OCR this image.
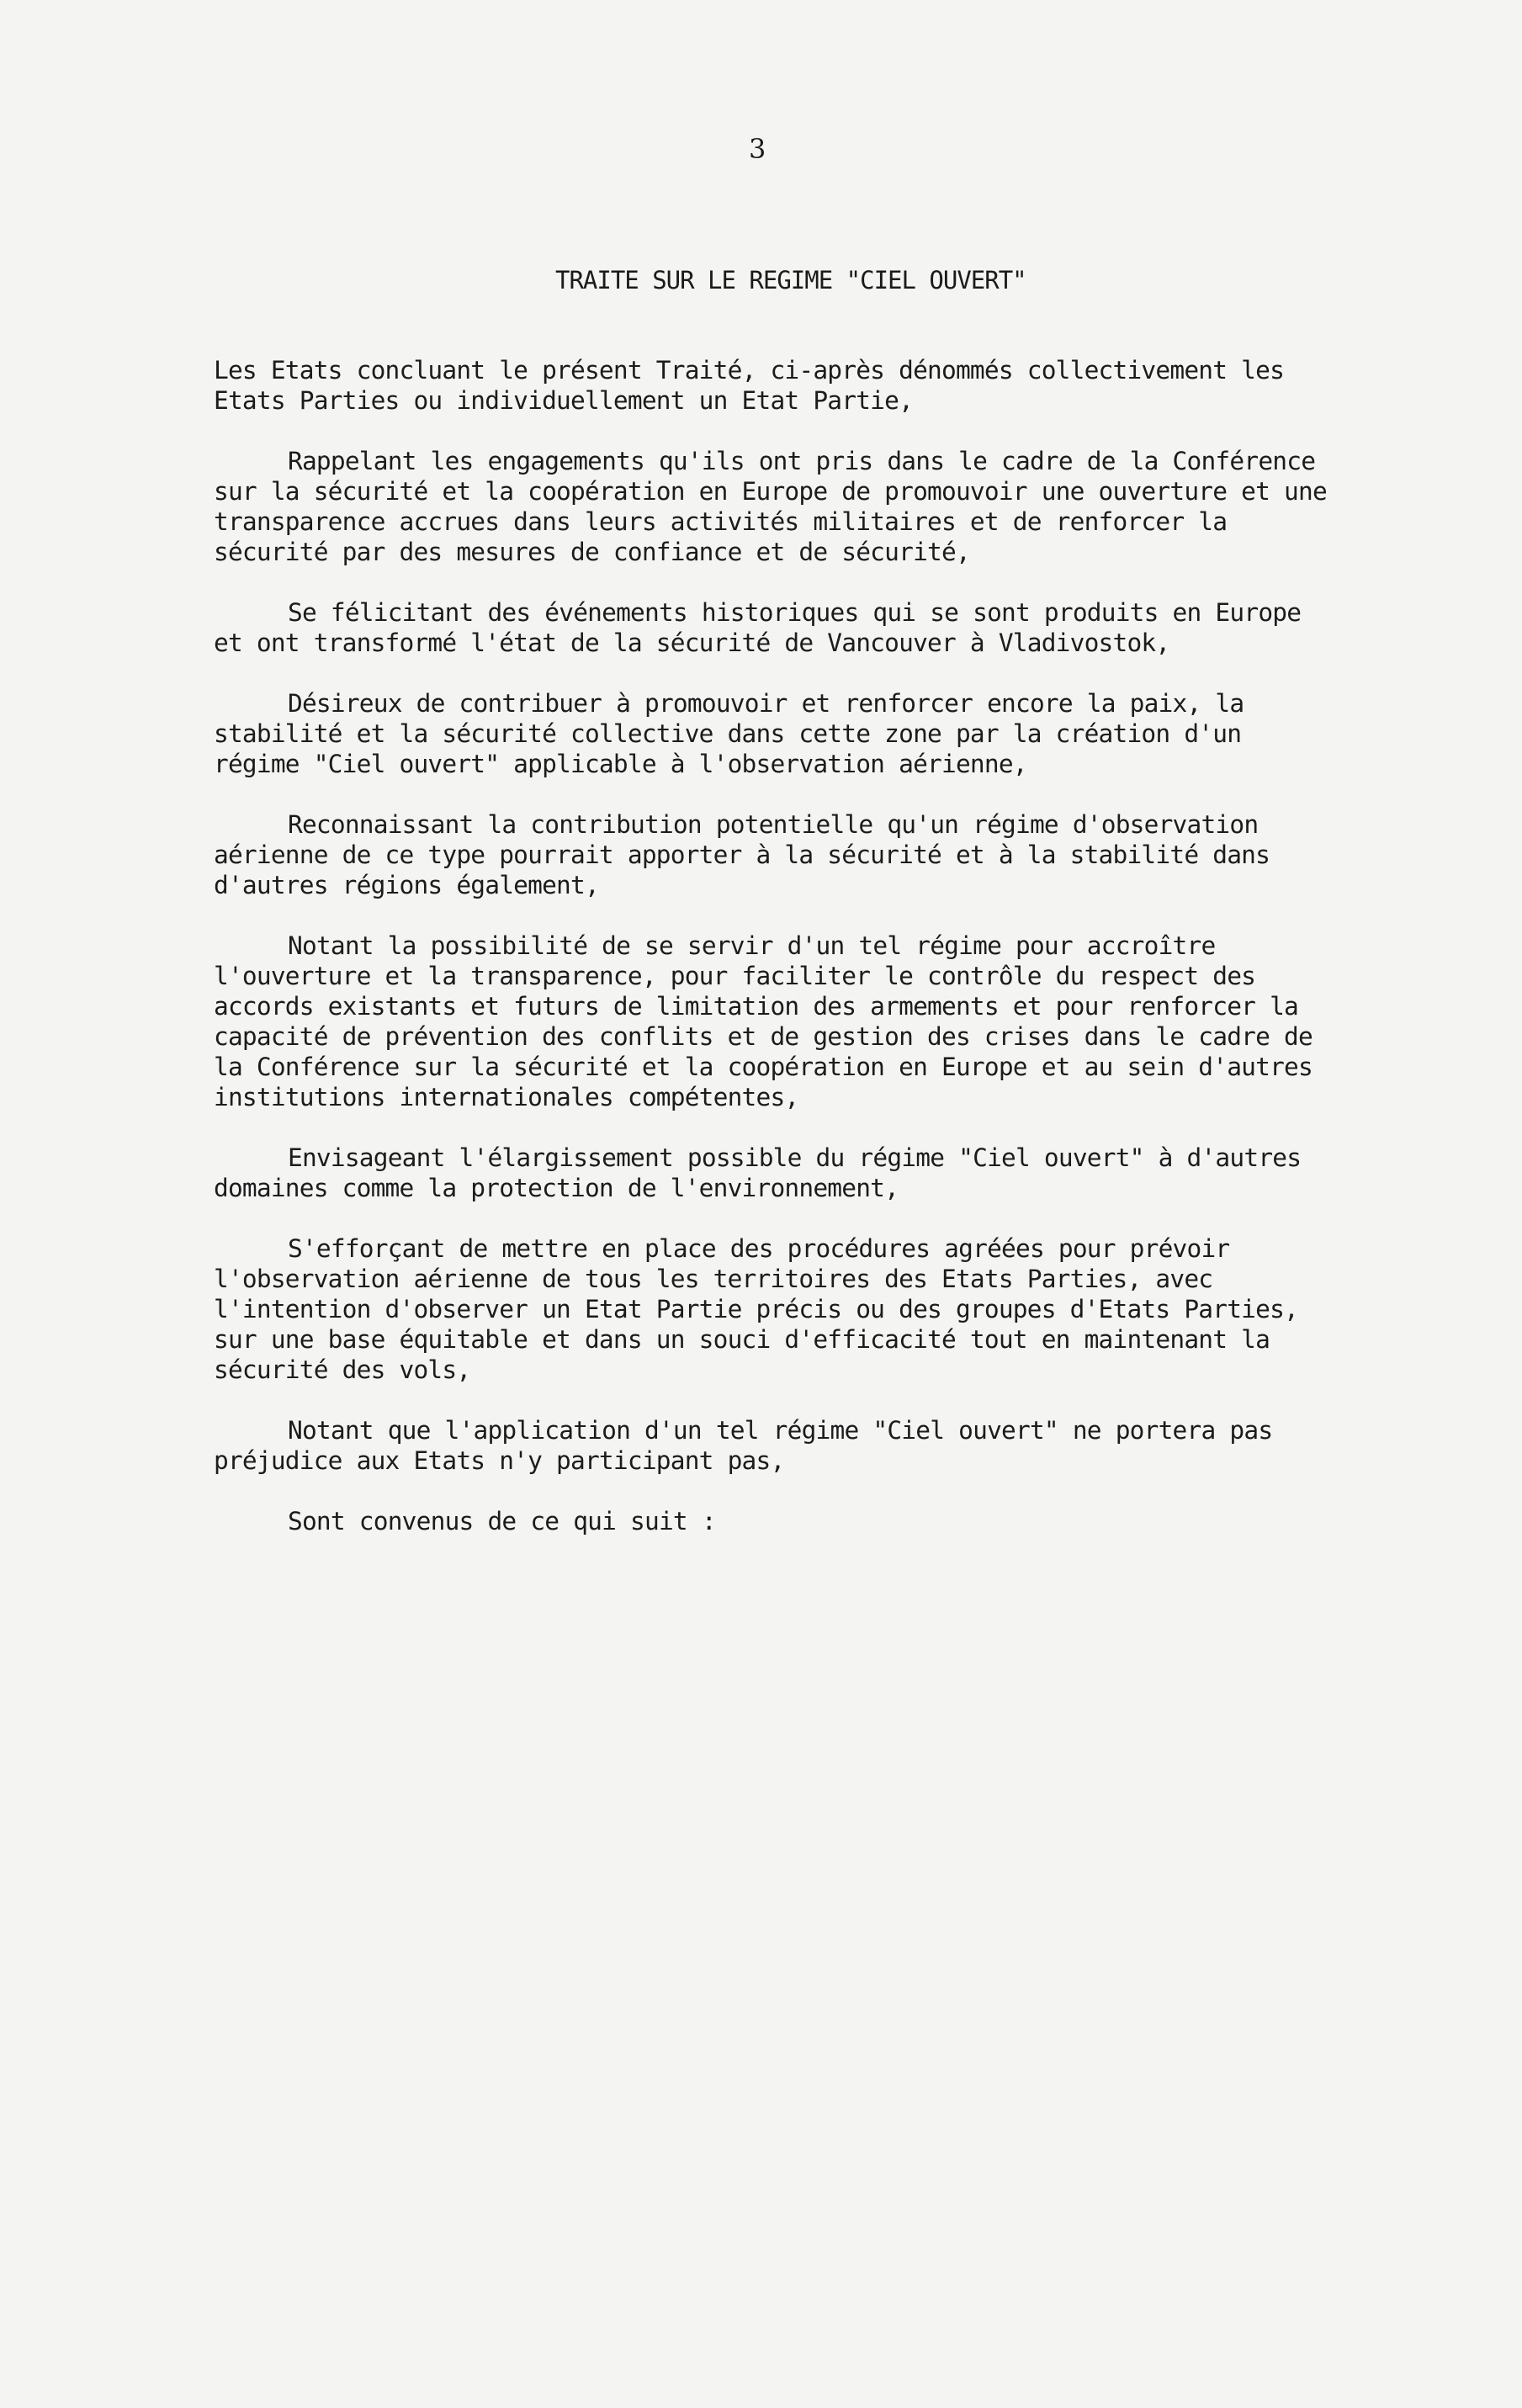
3
TRAITE SUR LE REGIME "CIEL OUVERT"
Les Etats concluant le présent Traité, ci-après dénommés collectivement les
Etats Parties ou individuellement un Etat Partie,
Rappelant les engagements qu'ils ont pris dans le cadre de la Conférence
sur la sécurité et la coopération en Europe de promouvoir une ouverture et une
transparence accrues dans leurs activités militaires et de renforcer la
sécurité par des mesures de confiance et de sécurité,
Se félicitant des événements historiques qui se sont produits en Europe
et ont transformé l'état de la sécurité de Vancouver à Vladivostok,
Désireux de contribuer à promouvoir et renforcer encore la paix, la
stabilité et la sécurité collective dans cette zone par la création d'un
régime "Ciel ouvert" applicable à l'observation aérienne,
Reconnaissant la contribution potentielle qu'un régime d'observation
aérienne de ce type pourrait apporter à la sécurité et à la stabilité dans
d'autres régions également,
Notant la possibilité de se servir d'un tel régime pour accroître
l'ouverture et la transparence, pour faciliter le contrôle du respect des
accords existants et futurs de limitation des armements et pour renforcer la
capacité de prévention des conflits et de gestion des crises dans le cadre de
la Conférence sur la sécurité et la coopération en Europe et au sein d'autres
institutions internationales compétentes,
Envisageant l'élargissement possible du régime "Ciel ouvert" à d'autres
domaines comme la protection de l'environnement,
S'efforçant de mettre en place des procédures agréées pour prévoir
l'observation aérienne de tous les territoires des Etats Parties, avec
l'intention d'observer un Etat Partie précis ou des groupes d'Etats Parties,
sur une base équitable et dans un souci d'efficacité tout en maintenant la
sécurité des vols,
Notant que l'application d'un tel régime "Ciel ouvert" ne portera pas
préjudice aux Etats n'y participant pas,
Sont convenus de ce qui suit :
